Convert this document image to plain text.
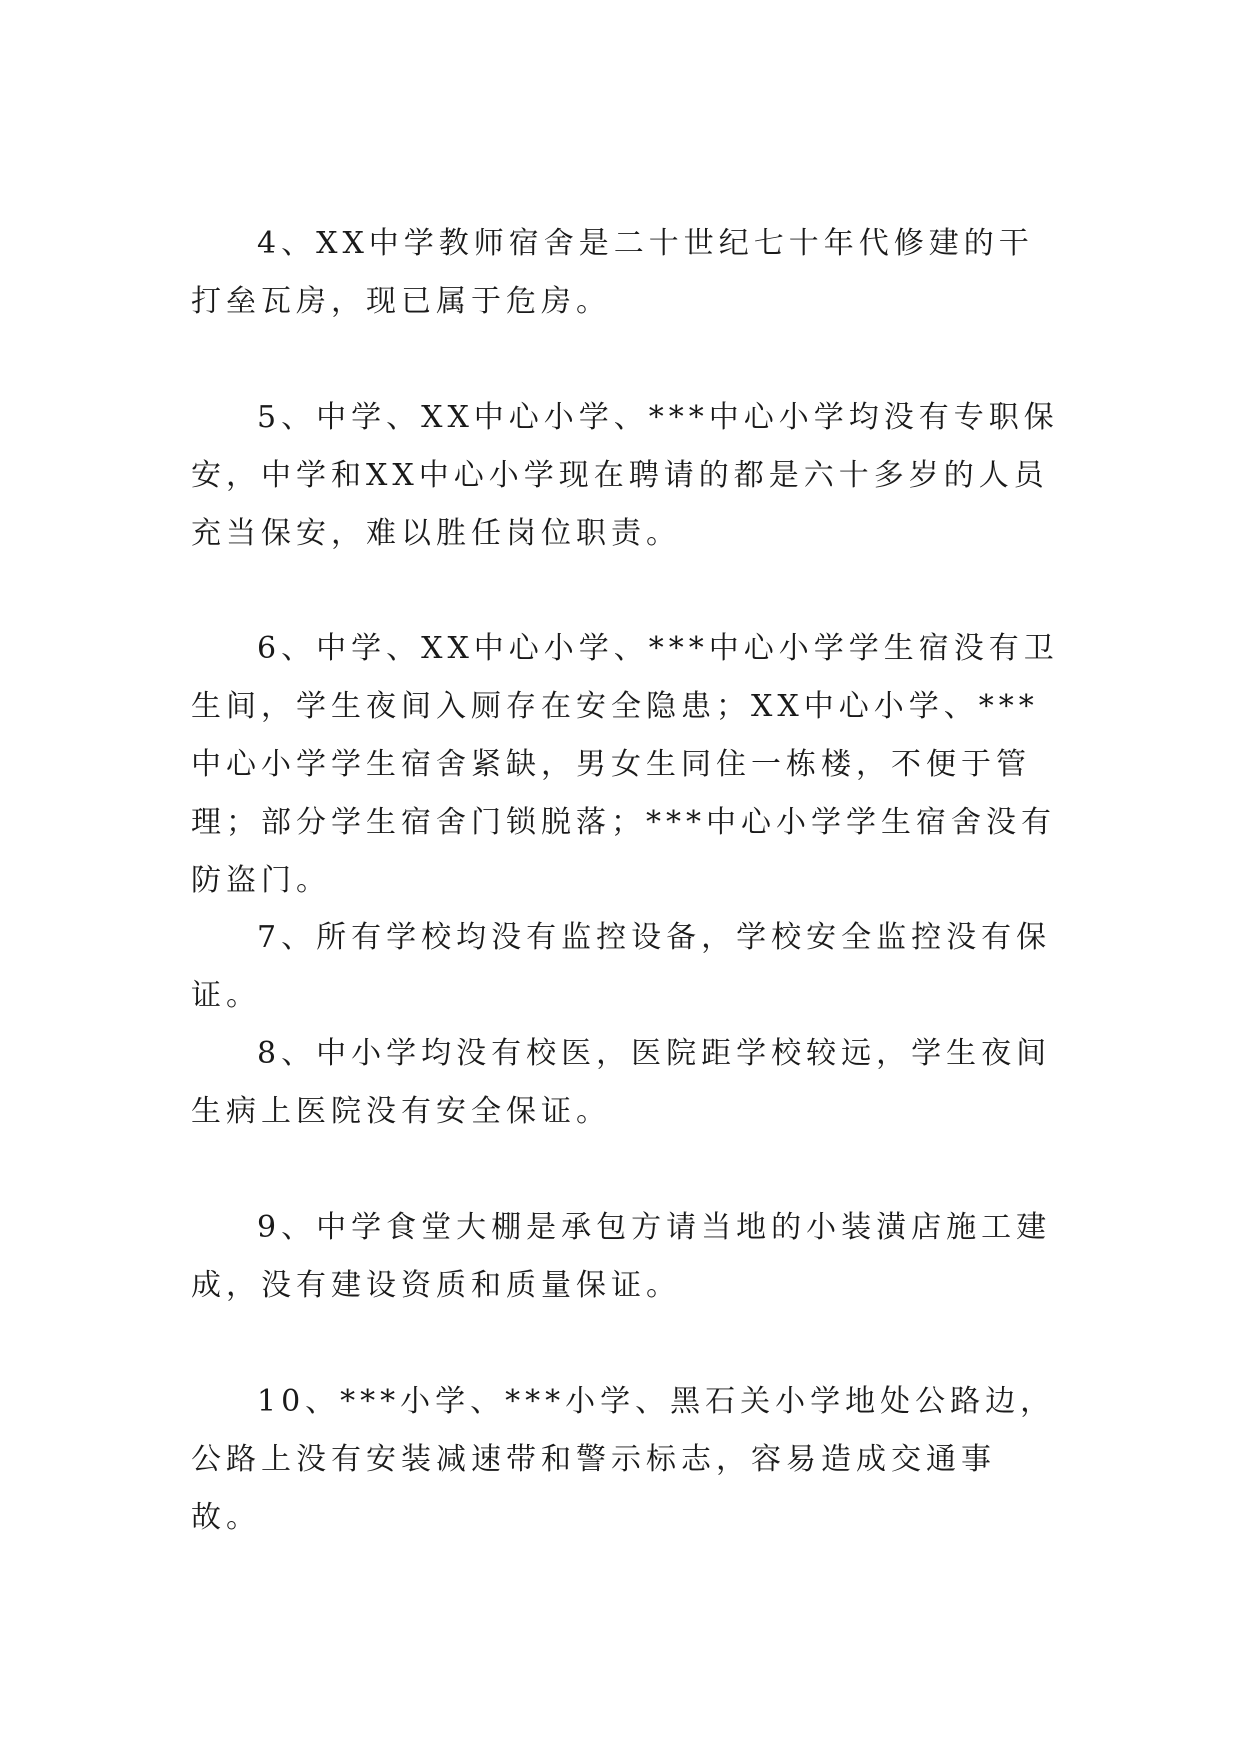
4、XX中学教师宿舍是二十世纪七十年代修建的干打垒瓦房，现已属于危房。

5、中学、XX中心小学、***中心小学均没有专职保安，中学和XX中心小学现在聘请的都是六十多岁的人员充当保安，难以胜任岗位职责。

6、中学、XX中心小学、***中心小学学生宿没有卫生间，学生夜间入厕存在安全隐患；XX中心小学、***中心小学学生宿舍紧缺，男女生同住一栋楼，不便于管理；部分学生宿舍门锁脱落；***中心小学学生宿舍没有防盗门。

7、所有学校均没有监控设备，学校安全监控没有保证。

8、中小学均没有校医，医院距学校较远，学生夜间生病上医院没有安全保证。

9、中学食堂大棚是承包方请当地的小装潢店施工建成，没有建设资质和质量保证。

10、***小学、***小学、黑石关小学地处公路边，公路上没有安装减速带和警示标志，容易造成交通事故。
